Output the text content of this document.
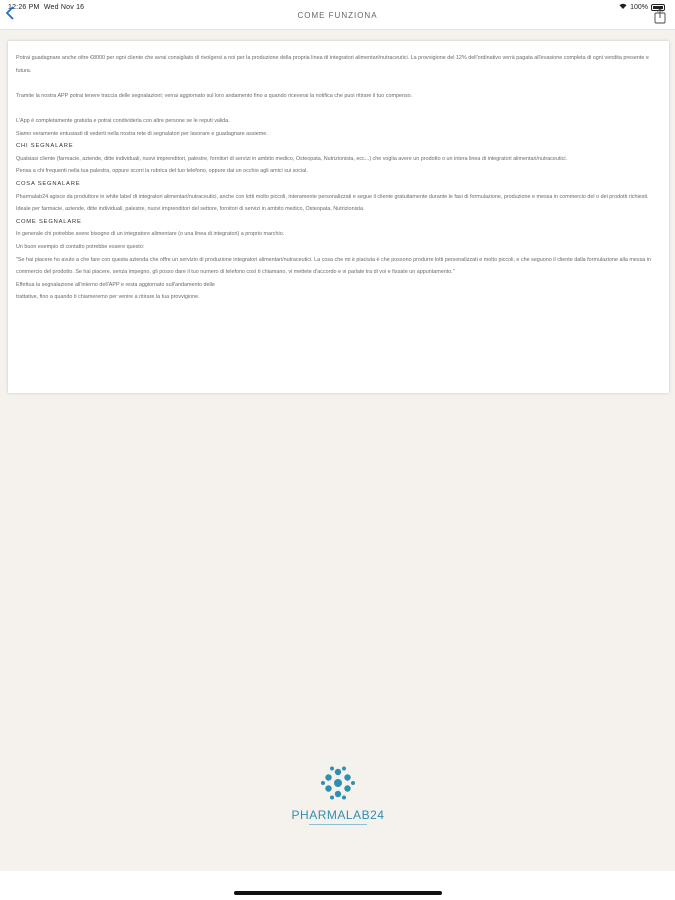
12:26 PM Wed Nov 16	100%
COME FUNZIONA

Potrai guadagnare anche oltre €8000 per ogni cliente che avrai consigliato di rivolgersi a noi per la produzione della propria linea di integratori alimentari/nutraceutici. La provvigione del 12% dell'ordinativo verrà pagata all'evasione completa di ogni vendita presente e futura.

Tramite la nostra APP potrai tenere traccia delle segnalazioni; verrai aggiornato sul loro andamento fino a quando riceverai la notifica che puoi ritirare il tuo compenso.

L'App è completamente gratuita e potrai condividerla con altre persone se le reputi valida.

Siamo veramente entusiasti di vederti nella nostra rete di segnalatori per lavorare e guadagnare assieme.

CHI SEGNALARE

Qualsiasi cliente (farmacie, aziende, ditte individuali, nuovi imprenditori, palestre, fornitori di servizi in ambito medico, Osteopata, Nutrizionista, ecc...) che voglia avere un prodotto o un intera linea di integratori alimentari/nutraceutici.

Pensa a chi frequenti nella tua palestra, oppure scorri la rubrica del tuo telefono, oppure dai un occhio agli amici sui social.

COSA SEGNALARE

Pharmalab24 agisce da produttore in white label di integratori alimentari/nutraceutici, anche con lotti molto piccoli, interamente personalizzati e segue il cliente gratuitamente durante le fasi di formulazione, produzione e messa in commercio del o dei prodotti richiesti. Ideale per farmacie, aziende, ditte individuali, palestre, nuovi imprenditori del settore, fornitori di servizi in ambito medico, Osteopata, Nutrizionista.

COME SEGNALARE

In generale chi potrebbe avere bisogno di un integratore alimentare (o una linea di integratori) a proprio marchio.

Un buon esempio di contatto potrebbe essere questo:

"Se hai piacere ho avuto a che fare con questa azienda che offre un servizio di produzione integratori alimentari/nutraceutici. La cosa che mi è piaciuta è che possono produrre lotti personalizzati e molto piccoli, e che seguono il cliente dalla formulazione alla messa in commercio del prodotto. Se hai piacere, senza impegno, gli posso dare il tuo numero di telefono così ti chiamano, vi mettete d'accordo e vi parlate tra di voi e fissate un appuntamento."

Effettua la segnalazione all'interno dell'APP e resta aggiornato sull'andamento delle

trattative, fino a quando ti chiameremo per venire a ritirare la tua provvigione.

PHARMALAB24
